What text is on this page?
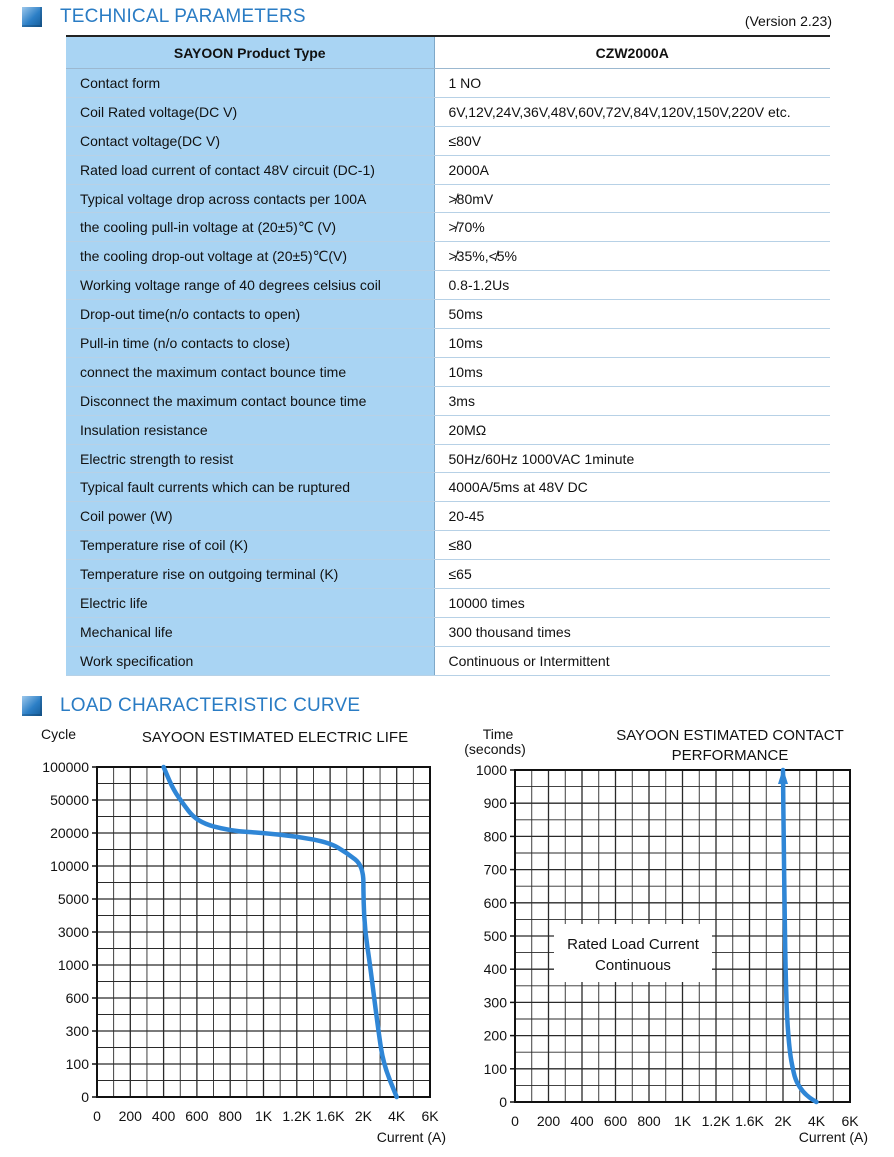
TECHNICAL PARAMETERS	(Version 2.23)
SAYOON Product Type	CZW2000A
Contact form	1 NO
Coil Rated voltage(DC V)	6V,12V,24V,36V,48V,60V,72V,84V,120V,150V,220V etc.
Contact voltage(DC V)	≤80V
Rated load current of contact 48V circuit (DC-1)	2000A
Typical voltage drop across contacts per 100A	≯80mV
the cooling pull-in voltage at (20±5)℃ (V)	≯70%
the cooling drop-out voltage at (20±5)℃(V)	≯35%,≮5%
Working voltage range of 40 degrees celsius coil	0.8-1.2Us
Drop-out time(n/o contacts to open)	50ms
Pull-in time (n/o contacts to close)	10ms
connect the maximum contact bounce time	10ms
Disconnect the maximum contact bounce time	3ms
Insulation resistance	20MΩ
Electric strength to resist	50Hz/60Hz 1000VAC 1minute
Typical fault currents which can be ruptured	4000A/5ms at 48V DC
Coil power (W)	20-45
Temperature rise of coil (K)	≤80
Temperature rise on outgoing terminal (K)	≤65
Electric life	10000 times
Mechanical life	300 thousand times
Work specification	Continuous or Intermittent
LOAD CHARACTERISTIC CURVE
Cycle	SAYOON ESTIMATED ELECTRIC LIFE
0
100
300
600
1000
3000
5000
10000
20000
50000
100000
0 200 400 600 800 1K 1.2K 1.6K 2K 4K 6K
Current (A)
Time
(seconds)
SAYOON ESTIMATED CONTACT
PERFORMANCE
0
100
200
300
400
500
600
700
800
900
1000
0 200 400 600 800 1K 1.2K 1.6K 2K 4K 6K
Rated Load Current
Continuous
Current (A)
